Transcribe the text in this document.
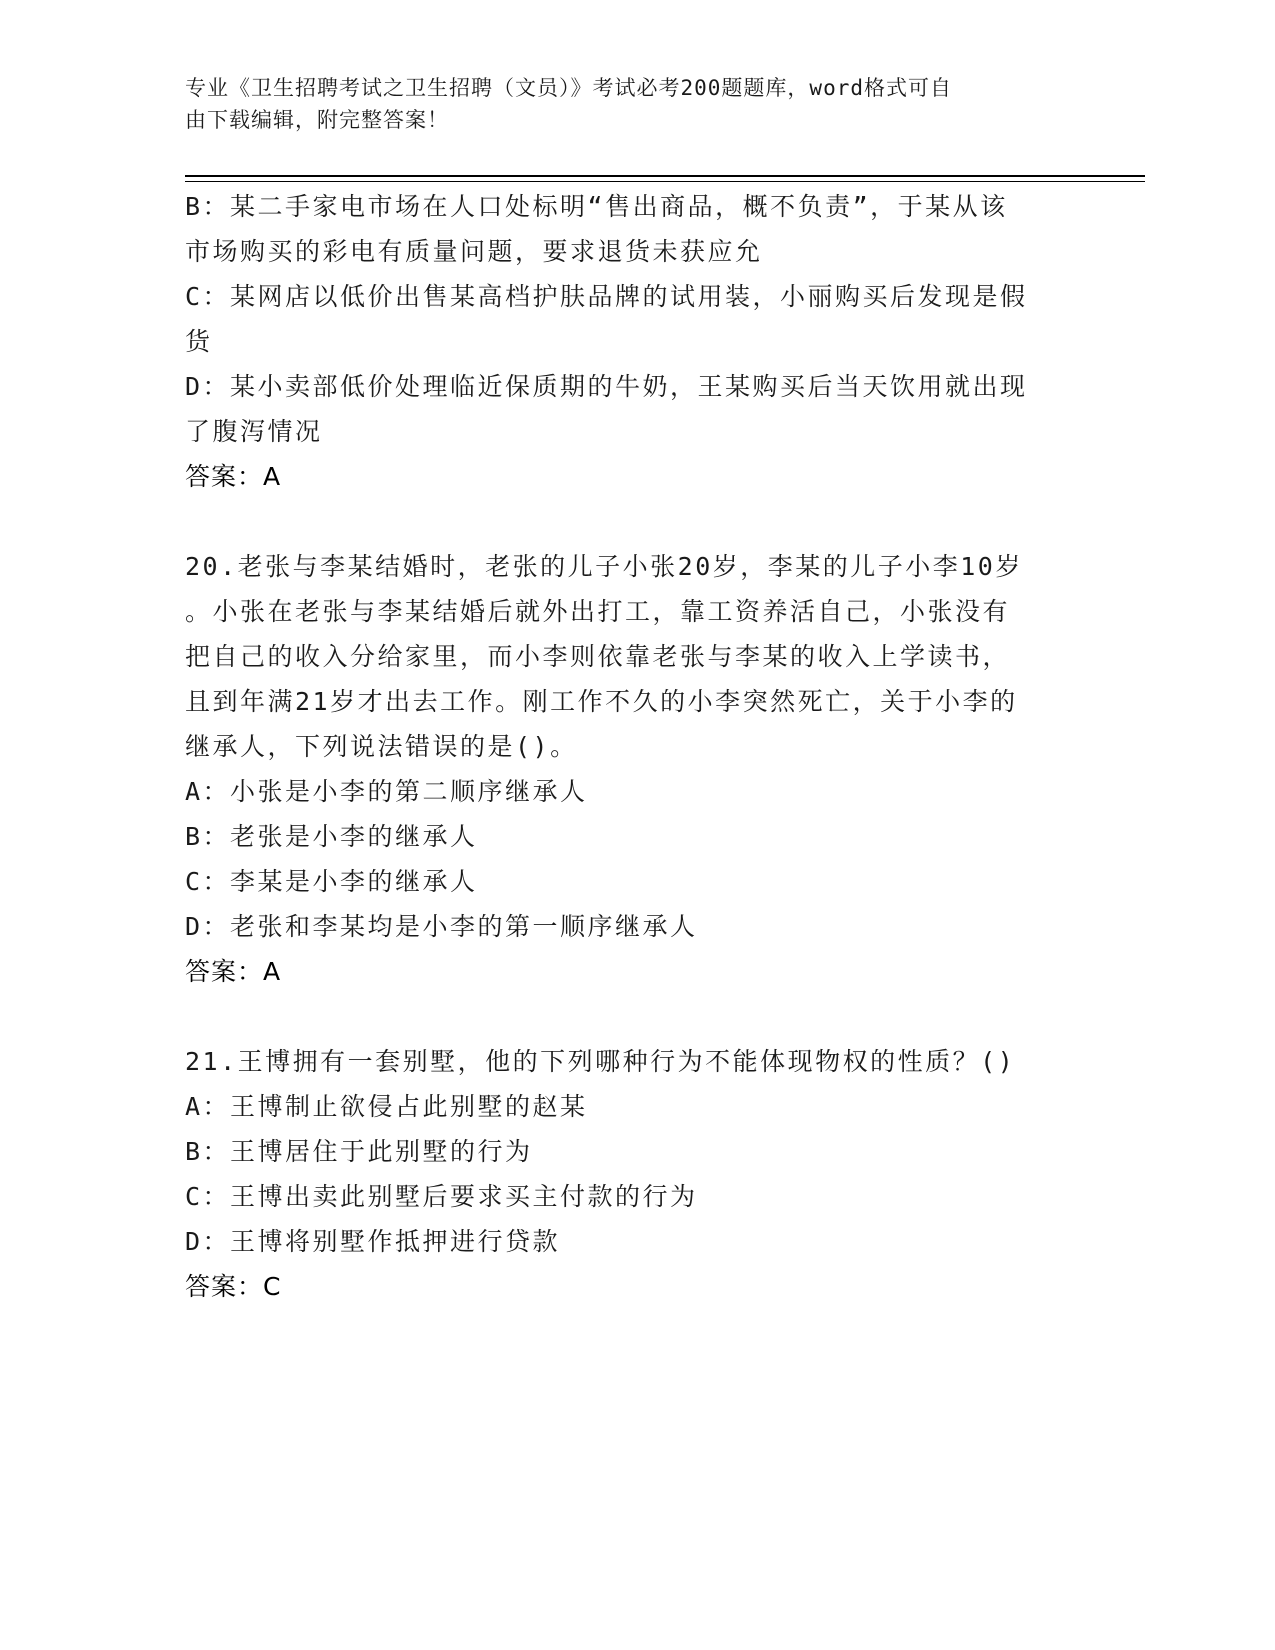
专业《卫生招聘考试之卫生招聘（文员）》考试必考200题题库，word格式可自
由下载编辑，附完整答案！
B：某二手家电市场在人口处标明“售出商品，概不负责”，于某从该
市场购买的彩电有质量问题，要求退货未获应允
C：某网店以低价出售某高档护肤品牌的试用装，小丽购买后发现是假
货
D：某小卖部低价处理临近保质期的牛奶，王某购买后当天饮用就出现
了腹泻情况
答案：A
20.老张与李某结婚时，老张的儿子小张20岁，李某的儿子小李10岁
。小张在老张与李某结婚后就外出打工，靠工资养活自己，小张没有
把自己的收入分给家里，而小李则依靠老张与李某的收入上学读书，
且到年满21岁才出去工作。刚工作不久的小李突然死亡，关于小李的
继承人，下列说法错误的是()。
A：小张是小李的第二顺序继承人
B：老张是小李的继承人
C：李某是小李的继承人
D：老张和李某均是小李的第一顺序继承人
答案：A
21.王博拥有一套别墅，他的下列哪种行为不能体现物权的性质？()
A：王博制止欲侵占此别墅的赵某
B：王博居住于此别墅的行为
C：王博出卖此别墅后要求买主付款的行为
D：王博将别墅作抵押进行贷款
答案：C
